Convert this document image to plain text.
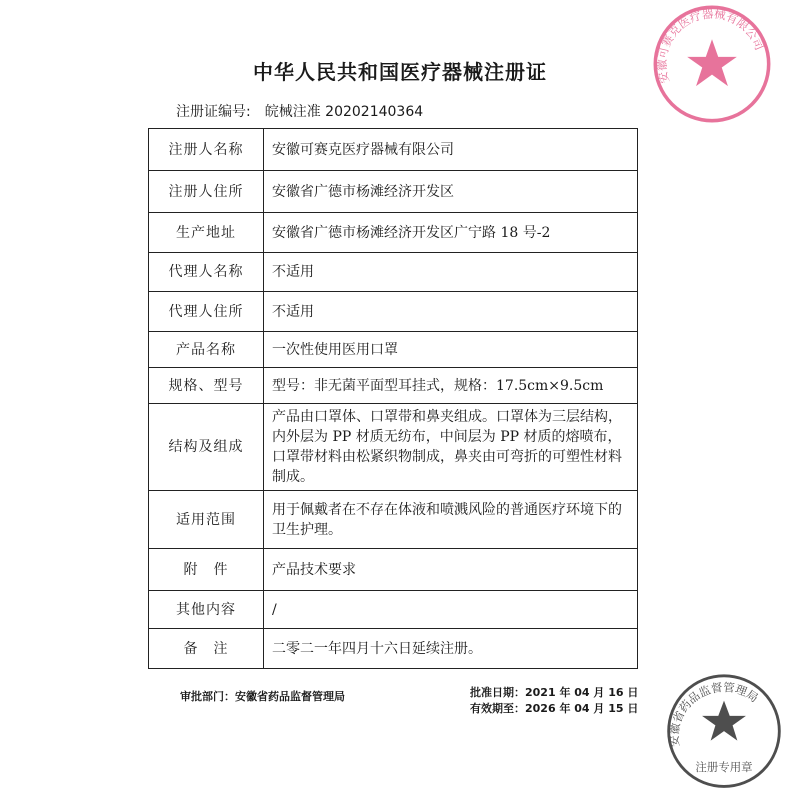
中华人民共和国医疗器械注册证
注册证编号: 皖械注准 20202140364
注册人名称	安徽可赛克医疗器械有限公司
注册人住所	安徽省广德市杨滩经济开发区
生产地址	安徽省广德市杨滩经济开发区广宁路 18 号-2
代理人名称	不适用
代理人住所	不适用
产品名称	一次性使用医用口罩
规格、型号	型号：非无菌平面型耳挂式，规格：17.5cm×9.5cm
结构及组成	产品由口罩体、口罩带和鼻夹组成。口罩体为三层结构，内外层为 PP 材质无纺布，中间层为 PP 材质的熔喷布，口罩带材料由松紧织物制成，鼻夹由可弯折的可塑性材料制成。
适用范围	用于佩戴者在不存在体液和喷溅风险的普通医疗环境下的卫生护理。
附　件	产品技术要求
其他内容	/
备　注	二零二一年四月十六日延续注册。
审批部门：安徽省药品监督管理局	批准日期：2021 年 04 月 16 日
有效期至：2026 年 04 月 15 日
安徽可赛克医疗器械有限公司
安徽省药品监督管理局
注册专用章
